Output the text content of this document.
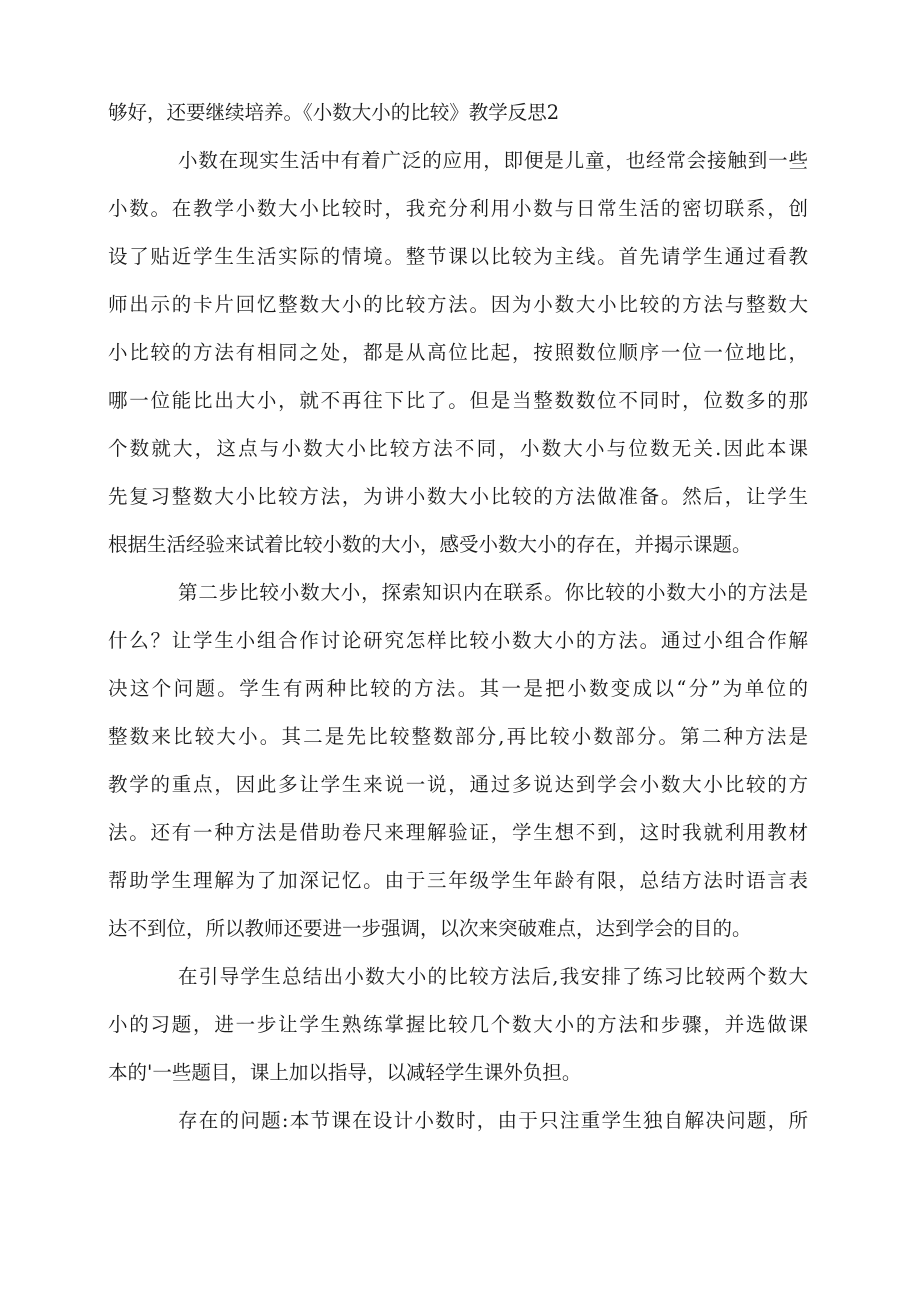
够好，还要继续培养。《小数大小的比较》教学反思2
小数在现实生活中有着广泛的应用，即便是儿童，也经常会接触到一些
小数。在教学小数大小比较时，我充分利用小数与日常生活的密切联系，创
设了贴近学生生活实际的情境。整节课以比较为主线。首先请学生通过看教
师出示的卡片回忆整数大小的比较方法。因为小数大小比较的方法与整数大
小比较的方法有相同之处，都是从高位比起，按照数位顺序一位一位地比，
哪一位能比出大小，就不再往下比了。但是当整数数位不同时，位数多的那
个数就大，这点与小数大小比较方法不同，小数大小与位数无关.因此本课
先复习整数大小比较方法，为讲小数大小比较的方法做准备。然后，让学生
根据生活经验来试着比较小数的大小，感受小数大小的存在，并揭示课题。
第二步比较小数大小，探索知识内在联系。你比较的小数大小的方法是
什么？让学生小组合作讨论研究怎样比较小数大小的方法。通过小组合作解
决这个问题。学生有两种比较的方法。其一是把小数变成以“分”为单位的
整数来比较大小。其二是先比较整数部分,再比较小数部分。第二种方法是
教学的重点，因此多让学生来说一说，通过多说达到学会小数大小比较的方
法。还有一种方法是借助卷尺来理解验证，学生想不到，这时我就利用教材
帮助学生理解为了加深记忆。由于三年级学生年龄有限，总结方法时语言表
达不到位，所以教师还要进一步强调，以次来突破难点，达到学会的目的。
在引导学生总结出小数大小的比较方法后,我安排了练习比较两个数大
小的习题，进一步让学生熟练掌握比较几个数大小的方法和步骤，并选做课
本的'一些题目，课上加以指导，以减轻学生课外负担。
存在的问题:本节课在设计小数时，由于只注重学生独自解决问题，所
